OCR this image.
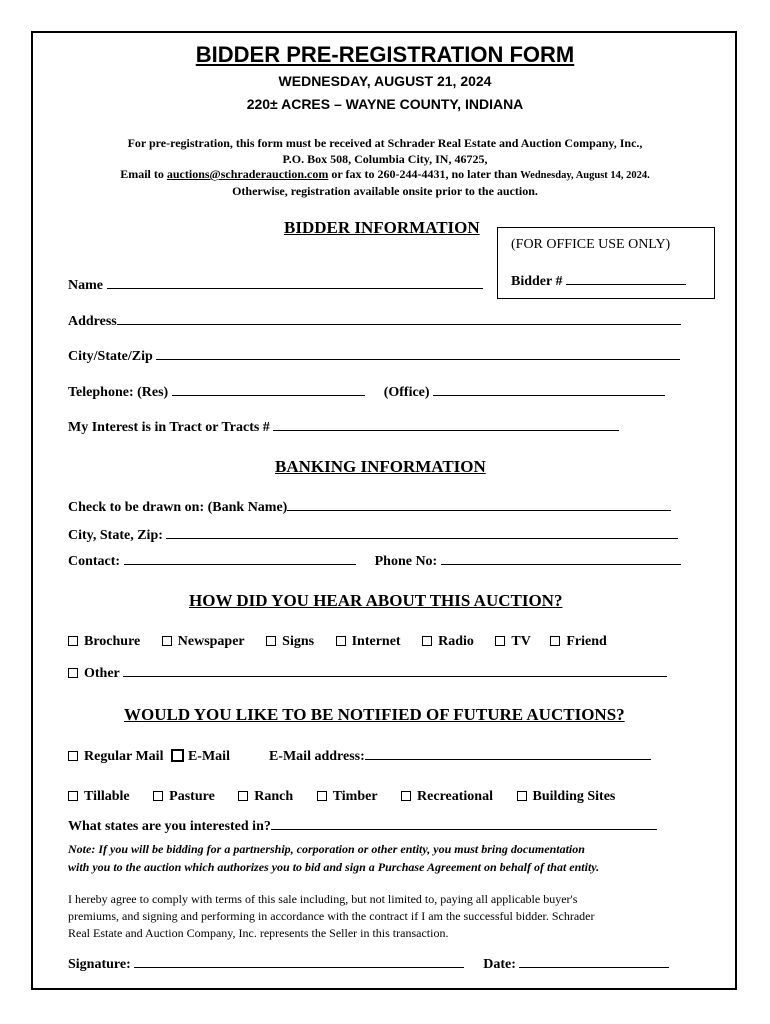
BIDDER PRE-REGISTRATION FORM
WEDNESDAY, AUGUST 21, 2024
220± ACRES – WAYNE COUNTY, INDIANA
For pre-registration, this form must be received at Schrader Real Estate and Auction Company, Inc.,
P.O. Box 508, Columbia City, IN, 46725,
Email to auctions@schraderauction.com or fax to 260-244-4431, no later than Wednesday, August 14, 2024.
Otherwise, registration available onsite prior to the auction.
BIDDER INFORMATION
(FOR OFFICE USE ONLY)
Bidder #
Name
Address
City/State/Zip
Telephone: (Res)	(Office)
My Interest is in Tract or Tracts #
BANKING INFORMATION
Check to be drawn on: (Bank Name)
City, State, Zip:
Contact:	Phone No:
HOW DID YOU HEAR ABOUT THIS AUCTION?
Brochure	Newspaper	Signs	Internet	Radio	TV	Friend
Other
WOULD YOU LIKE TO BE NOTIFIED OF FUTURE AUCTIONS?
Regular Mail E-Mail	E-Mail address:
Tillable	Pasture	Ranch	Timber	Recreational	Building Sites
What states are you interested in?
Note: If you will be bidding for a partnership, corporation or other entity, you must bring documentation
with you to the auction which authorizes you to bid and sign a Purchase Agreement on behalf of that entity.
I hereby agree to comply with terms of this sale including, but not limited to, paying all applicable buyer's
premiums, and signing and performing in accordance with the contract if I am the successful bidder. Schrader
Real Estate and Auction Company, Inc. represents the Seller in this transaction.
Signature:	Date:
